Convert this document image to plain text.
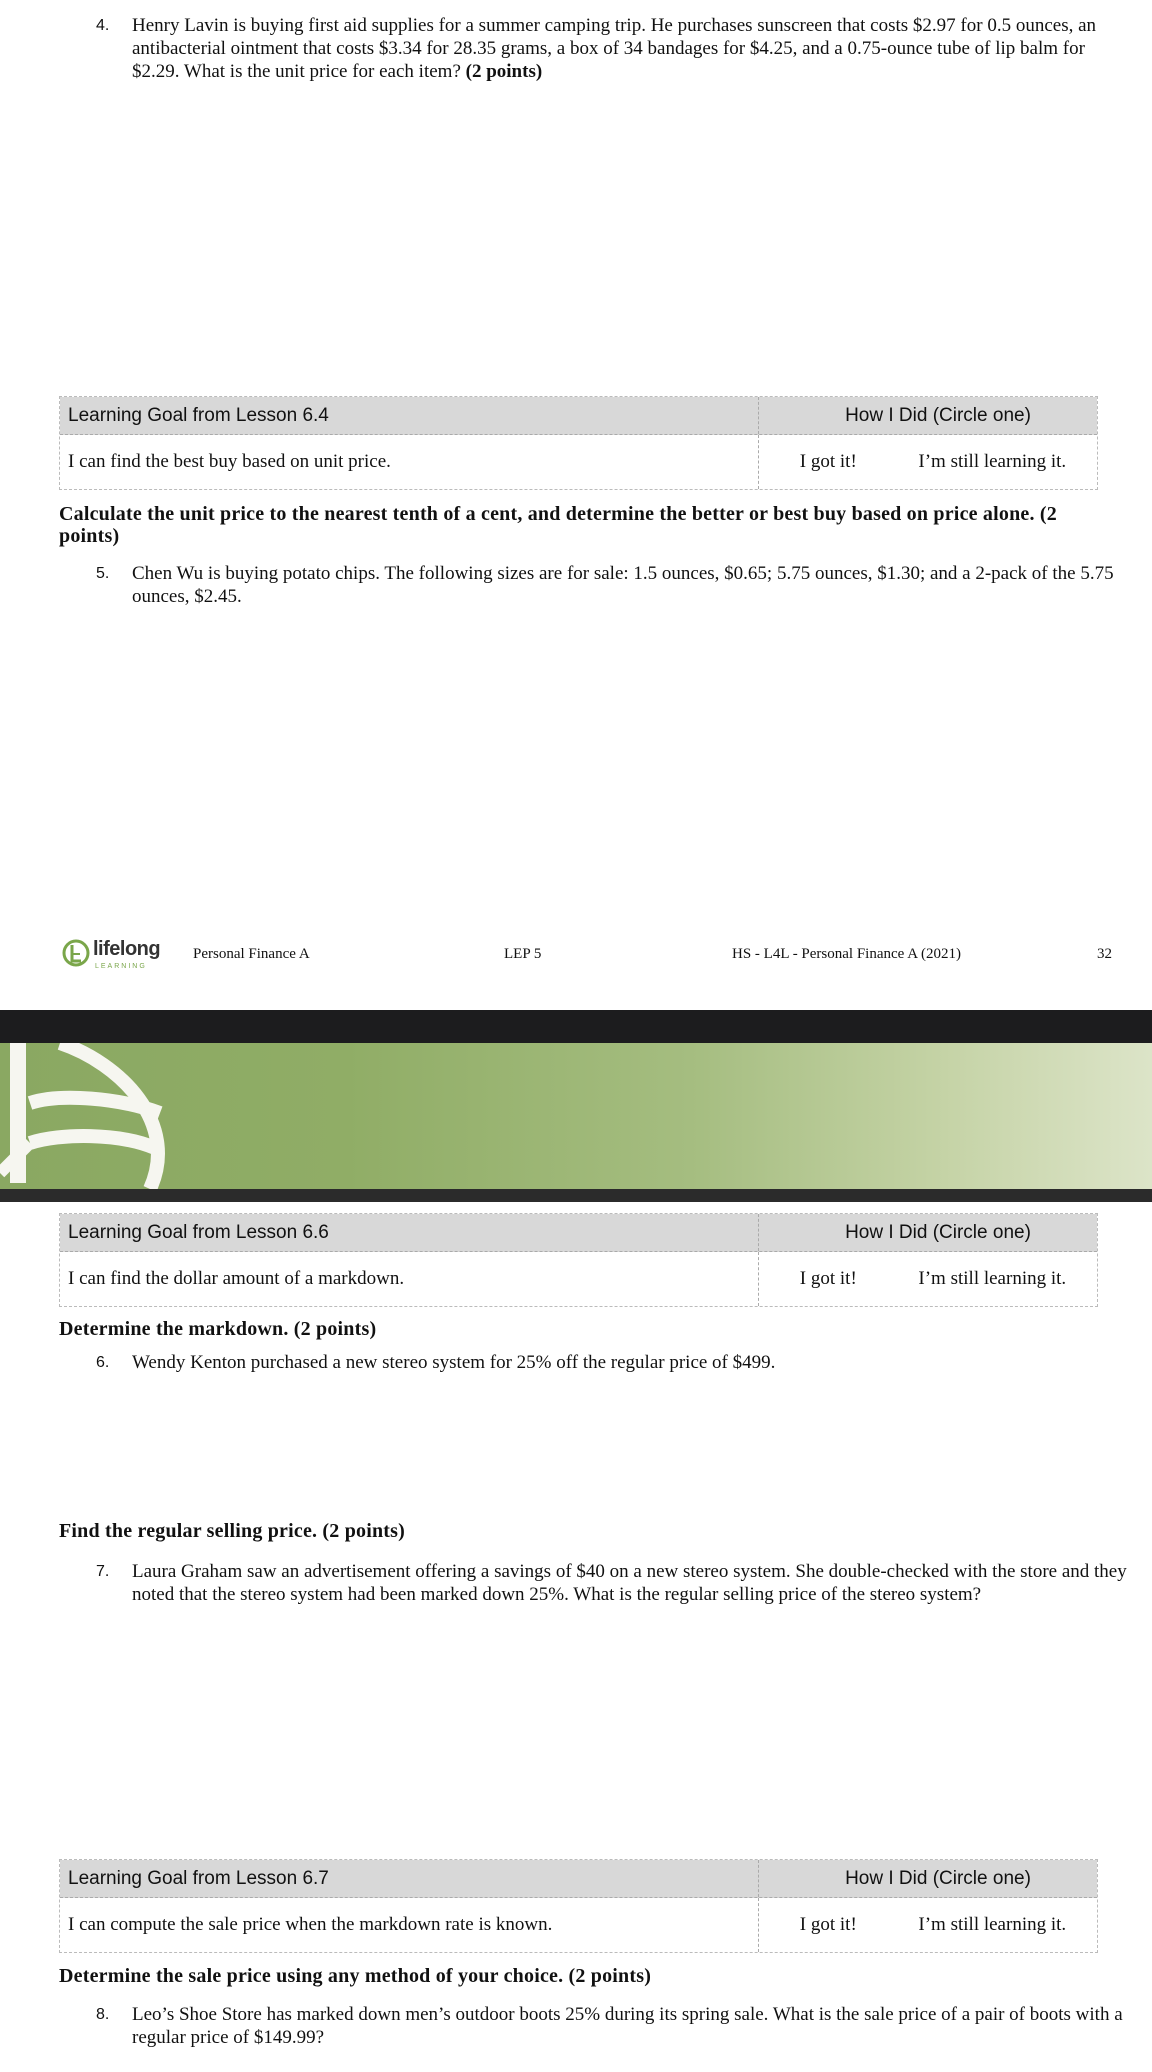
4.	Henry Lavin is buying first aid supplies for a summer camping trip. He purchases sunscreen that costs $2.97 for 0.5 ounces, an antibacterial ointment that costs $3.34 for 28.35 grams, a box of 34 bandages for $4.25, and a 0.75-ounce tube of lip balm for $2.29. What is the unit price for each item? (2 points)
Learning Goal from Lesson 6.4	How I Did (Circle one)
I can find the best buy based on unit price.	I got it!	I’m still learning it.
Calculate the unit price to the nearest tenth of a cent, and determine the better or best buy based on price alone. (2 points)
5.	Chen Wu is buying potato chips. The following sizes are for sale: 1.5 ounces, $0.65; 5.75 ounces, $1.30; and a 2-pack of the 5.75 ounces, $2.45.
lifelong
LEARNING
Personal Finance A	LEP 5	HS - L4L - Personal Finance A (2021)	32
Learning Goal from Lesson 6.6	How I Did (Circle one)
I can find the dollar amount of a markdown.	I got it!	I’m still learning it.
Determine the markdown. (2 points)
6.	Wendy Kenton purchased a new stereo system for 25% off the regular price of $499.
Find the regular selling price. (2 points)
7.	Laura Graham saw an advertisement offering a savings of $40 on a new stereo system. She double-checked with the store and they noted that the stereo system had been marked down 25%. What is the regular selling price of the stereo system?
Learning Goal from Lesson 6.7	How I Did (Circle one)
I can compute the sale price when the markdown rate is known.	I got it!	I’m still learning it.
Determine the sale price using any method of your choice. (2 points)
8.	Leo’s Shoe Store has marked down men’s outdoor boots 25% during its spring sale. What is the sale price of a pair of boots with a regular price of $149.99?
